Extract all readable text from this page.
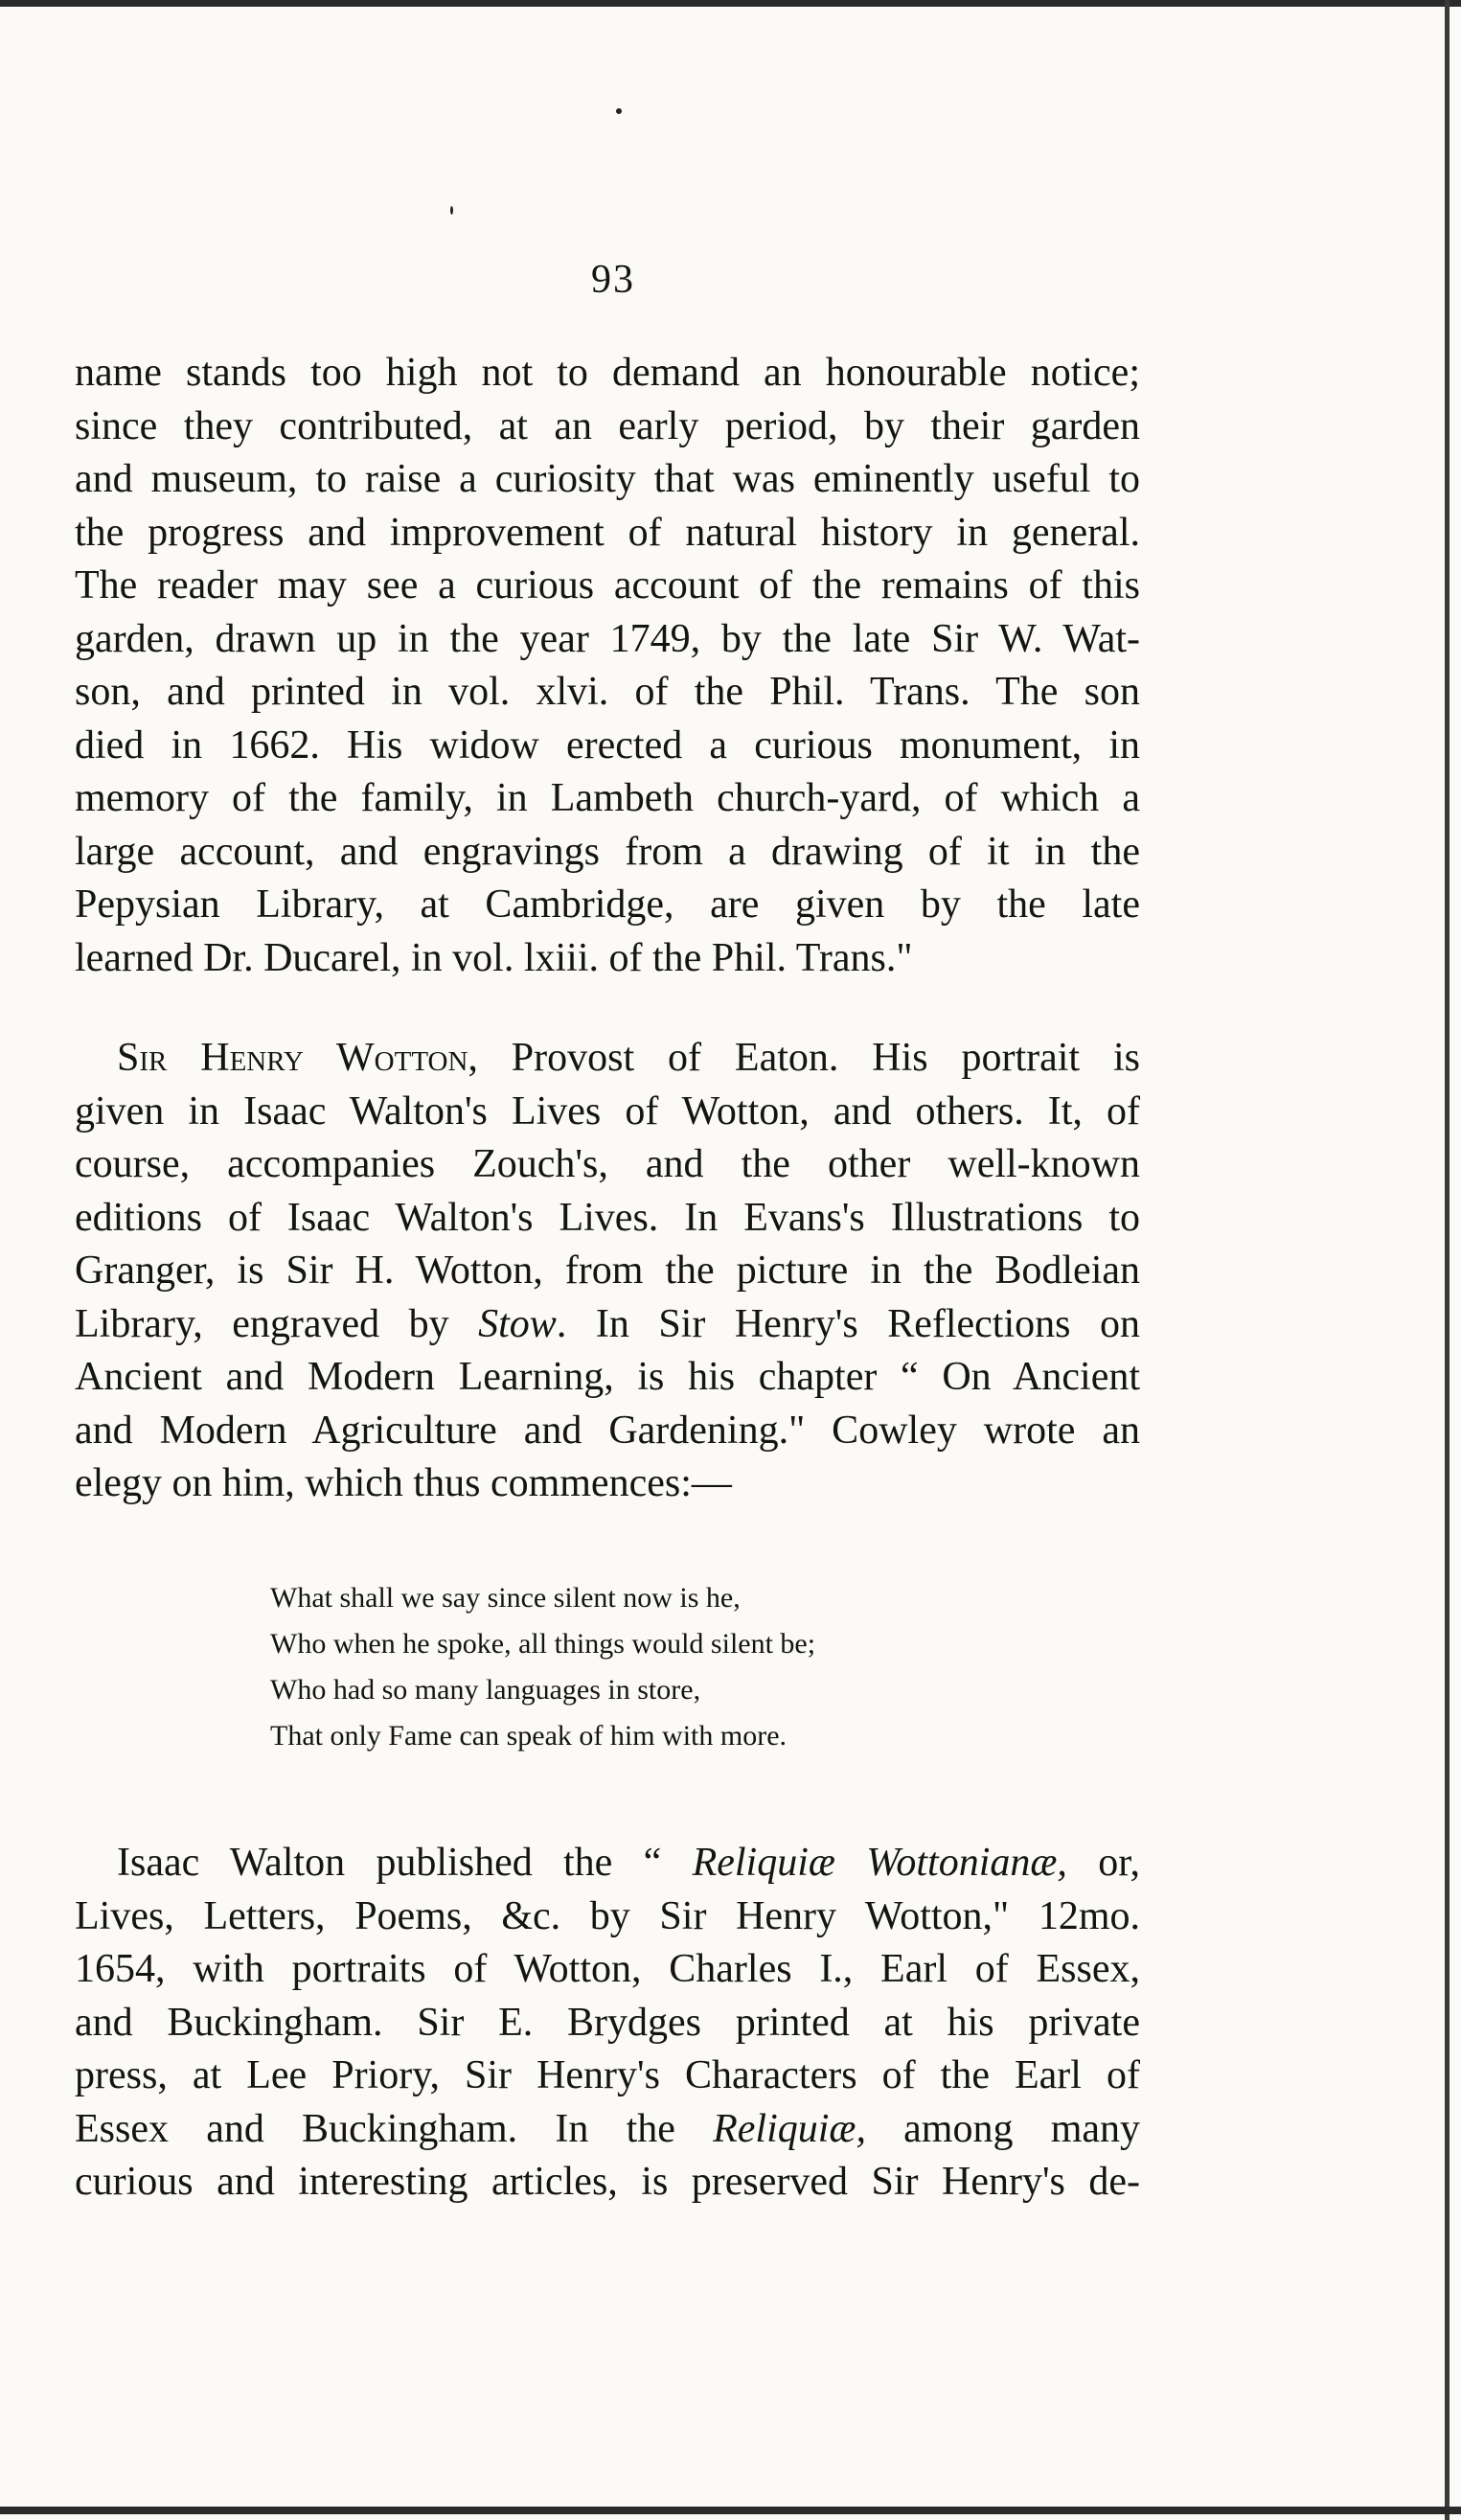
93
name stands too high not to demand an honourable notice;
since they contributed, at an early period, by their garden
and museum, to raise a curiosity that was eminently useful to
the progress and improvement of natural history in general.
The reader may see a curious account of the remains of this
garden, drawn up in the year 1749, by the late Sir W. Wat-
son, and printed in vol. xlvi. of the Phil. Trans. The son
died in 1662. His widow erected a curious monument, in
memory of the family, in Lambeth church-yard, of which a
large account, and engravings from a drawing of it in the
Pepysian Library, at Cambridge, are given by the late
learned Dr. Ducarel, in vol. lxiii. of the Phil. Trans."
Sir Henry Wotton, Provost of Eaton. His portrait is
given in Isaac Walton's Lives of Wotton, and others. It, of
course, accompanies Zouch's, and the other well-known
editions of Isaac Walton's Lives. In Evans's Illustrations to
Granger, is Sir H. Wotton, from the picture in the Bodleian
Library, engraved by Stow. In Sir Henry's Reflections on
Ancient and Modern Learning, is his chapter “ On Ancient
and Modern Agriculture and Gardening." Cowley wrote an
elegy on him, which thus commences:—
What shall we say since silent now is he,
Who when he spoke, all things would silent be;
Who had so many languages in store,
That only Fame can speak of him with more.
Isaac Walton published the “ Reliquiæ Wottonianæ, or,
Lives, Letters, Poems, &c. by Sir Henry Wotton," 12mo.
1654, with portraits of Wotton, Charles I., Earl of Essex,
and Buckingham. Sir E. Brydges printed at his private
press, at Lee Priory, Sir Henry's Characters of the Earl of
Essex and Buckingham. In the Reliquiæ, among many
curious and interesting articles, is preserved Sir Henry's de-
